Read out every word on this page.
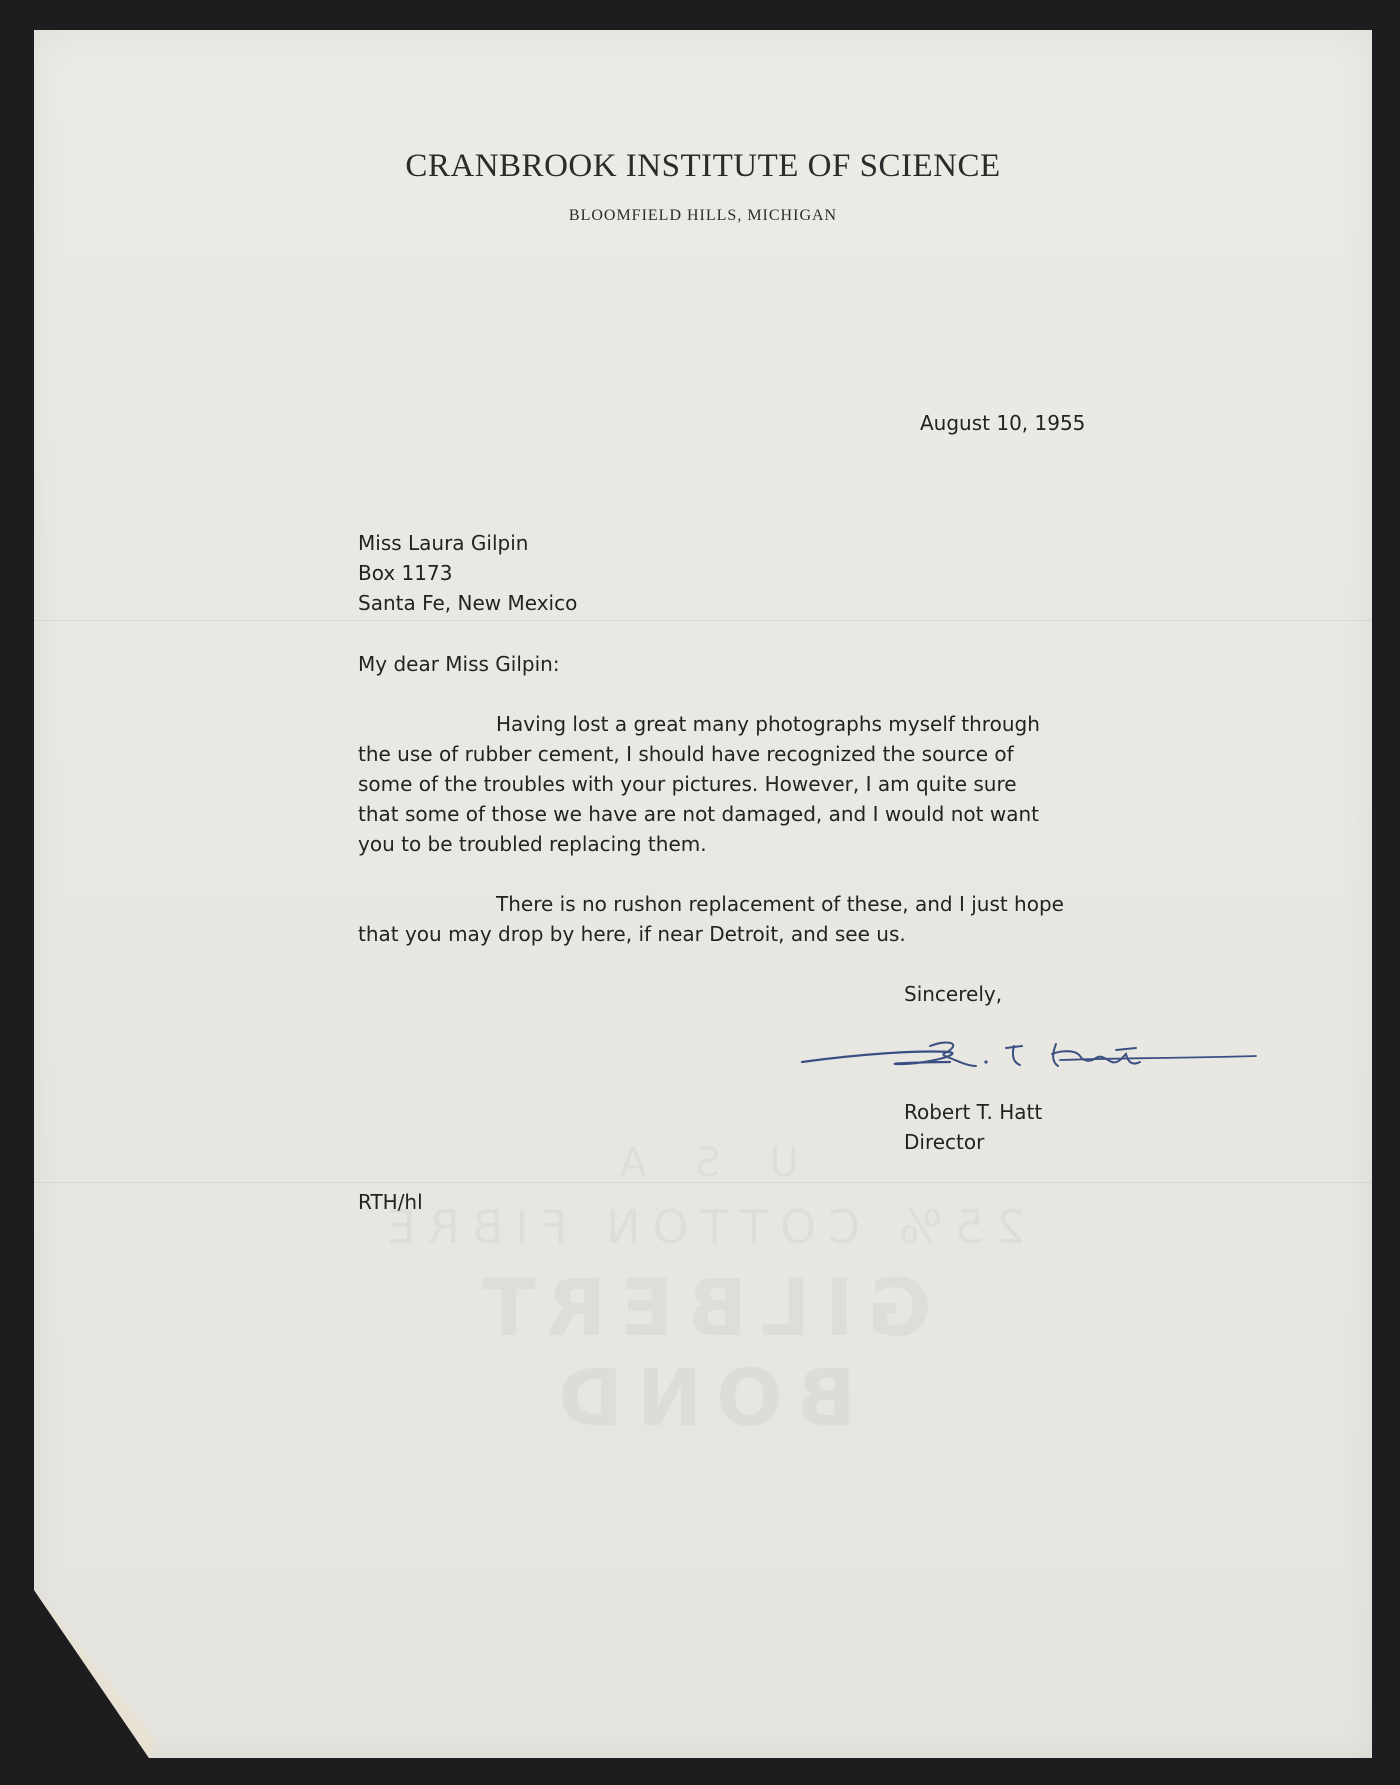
CRANBROOK INSTITUTE OF SCIENCE
BLOOMFIELD HILLS, MICHIGAN
August 10, 1955
Miss Laura Gilpin
Box 1173
Santa Fe, New Mexico
My dear Miss Gilpin:
Having lost a great many photographs myself through
the use of rubber cement, I should have recognized the source of
some of the troubles with your pictures. However, I am quite sure
that some of those we have are not damaged, and I would not want
you to be troubled replacing them.
There is no rushon replacement of these, and I just hope
that you may drop by here, if near Detroit, and see us.
Sincerely,
Robert T. Hatt
Director
RTH/hl
